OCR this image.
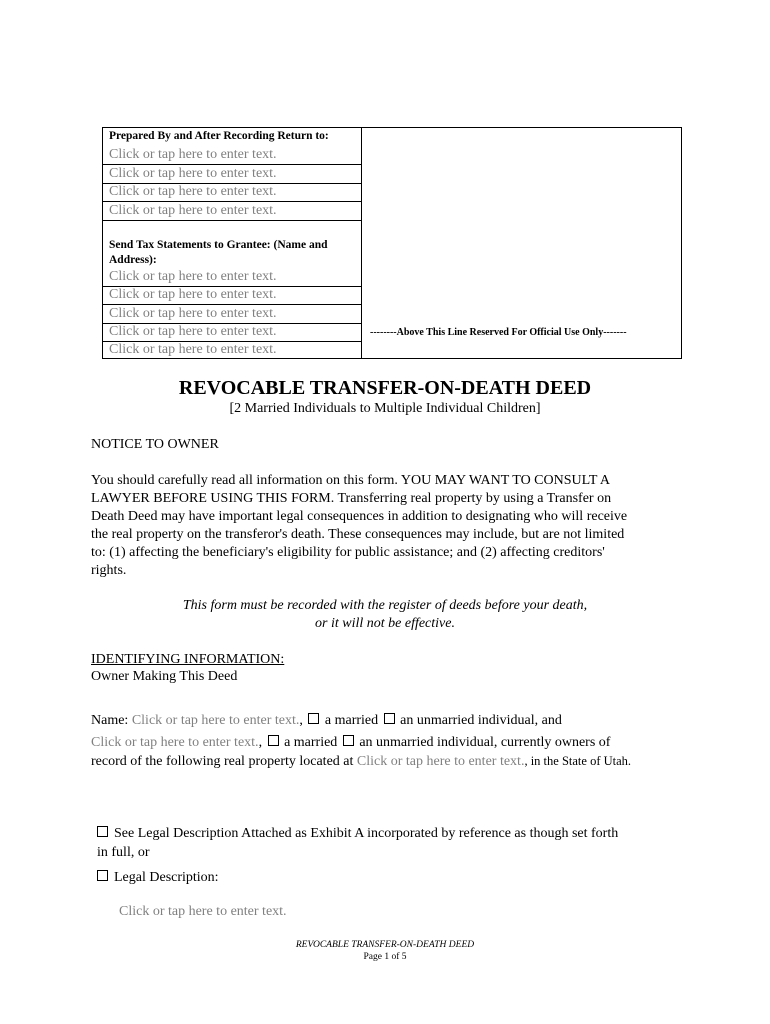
Prepared By and After Recording Return to:
Click or tap here to enter text.
Click or tap here to enter text.
Click or tap here to enter text.
Click or tap here to enter text.
Send Tax Statements to Grantee: (Name and
Address):
Click or tap here to enter text.
Click or tap here to enter text.
Click or tap here to enter text.
Click or tap here to enter text.
Click or tap here to enter text.
--------Above This Line Reserved For Official Use Only-------
REVOCABLE TRANSFER-ON-DEATH DEED
[2 Married Individuals to Multiple Individual Children]
NOTICE TO OWNER
You should carefully read all information on this form. YOU MAY WANT TO CONSULT A
LAWYER BEFORE USING THIS FORM. Transferring real property by using a Transfer on
Death Deed may have important legal consequences in addition to designating who will receive
the real property on the transferor's death. These consequences may include, but are not limited
to: (1) affecting the beneficiary's eligibility for public assistance; and (2) affecting creditors'
rights.
This form must be recorded with the register of deeds before your death,
or it will not be effective.
IDENTIFYING INFORMATION:
Owner Making This Deed
Name: Click or tap here to enter text., a married an unmarried individual, and
Click or tap here to enter text., a married an unmarried individual, currently owners of
record of the following real property located at Click or tap here to enter text., in the State of Utah.
See Legal Description Attached as Exhibit A incorporated by reference as though set forth
in full, or
Legal Description:
Click or tap here to enter text.
REVOCABLE TRANSFER-ON-DEATH DEED
Page 1 of 5
